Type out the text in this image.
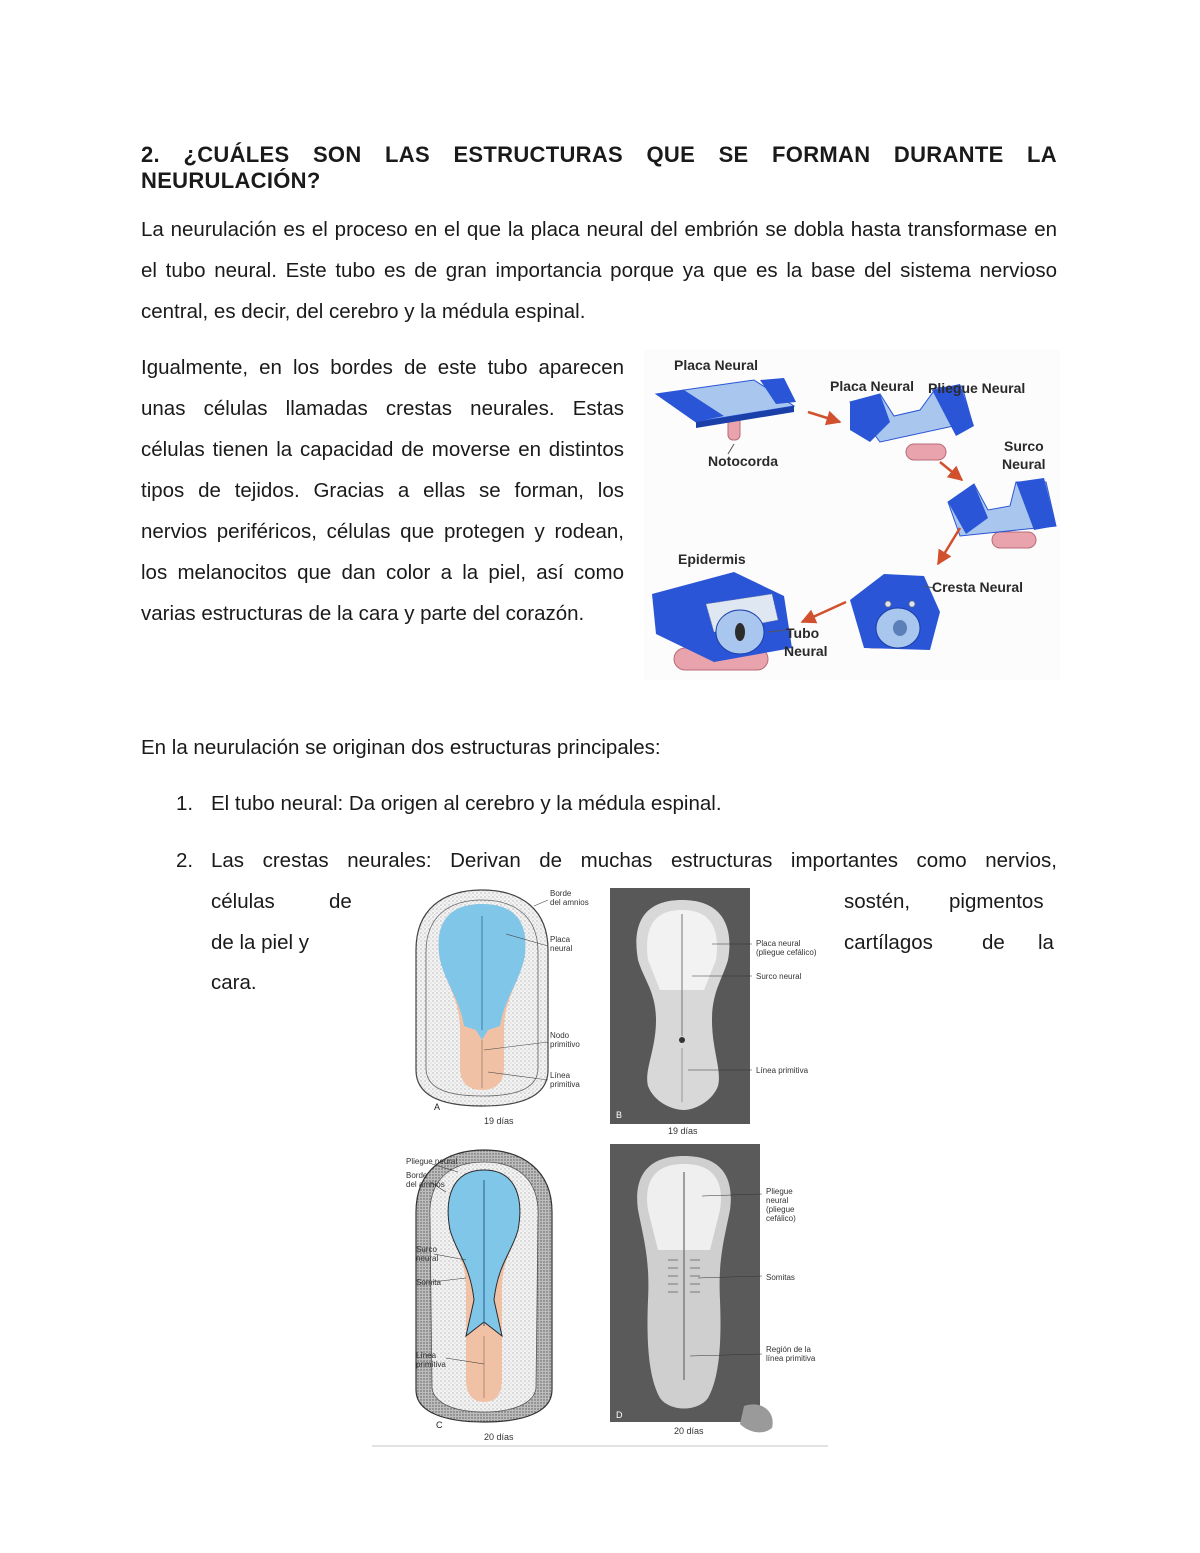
2. ¿CUÁLES SON LAS ESTRUCTURAS QUE SE FORMAN DURANTE LA NEURULACIÓN?

La neurulación es el proceso en el que la placa neural del embrión se dobla hasta transformase en el tubo neural. Este tubo es de gran importancia porque ya que es la base del sistema nervioso central, es decir, del cerebro y la médula espinal.

Igualmente, en los bordes de este tubo aparecen unas células llamadas crestas neurales. Estas células tienen la capacidad de moverse en distintos tipos de tejidos. Gracias a ellas se forman, los nervios periféricos, células que protegen y rodean, los melanocitos que dan color a la piel, así como varias estructuras de la cara y parte del corazón.

Placa Neural
Notocorda
Placa Neural Pliegue Neural
Surco
Neural
Epidermis
Cresta Neural
Tubo
Neural

En la neurulación se originan dos estructuras principales:

1. El tubo neural: Da origen al cerebro y la médula espinal.
2. Las crestas neurales: Derivan de muchas estructuras importantes como nervios,
células	de
de la piel y
cara.
sostén, pigmentos
cartílagos de la
Borde
del amnios
Placa
neural
Nodo
primitivo
Línea
primitiva
A
19 días
Placa neural
(pliegue cefálico)
Surco neural
Línea primitiva
B
19 días
Pliegue neural
Borde
del amnios
Surco
neural
Somita
Línea
primitiva
C
20 días
Pliegue
neural
(pliegue
cefálico)
Somitas
Región de la
línea primitiva
D
20 días
